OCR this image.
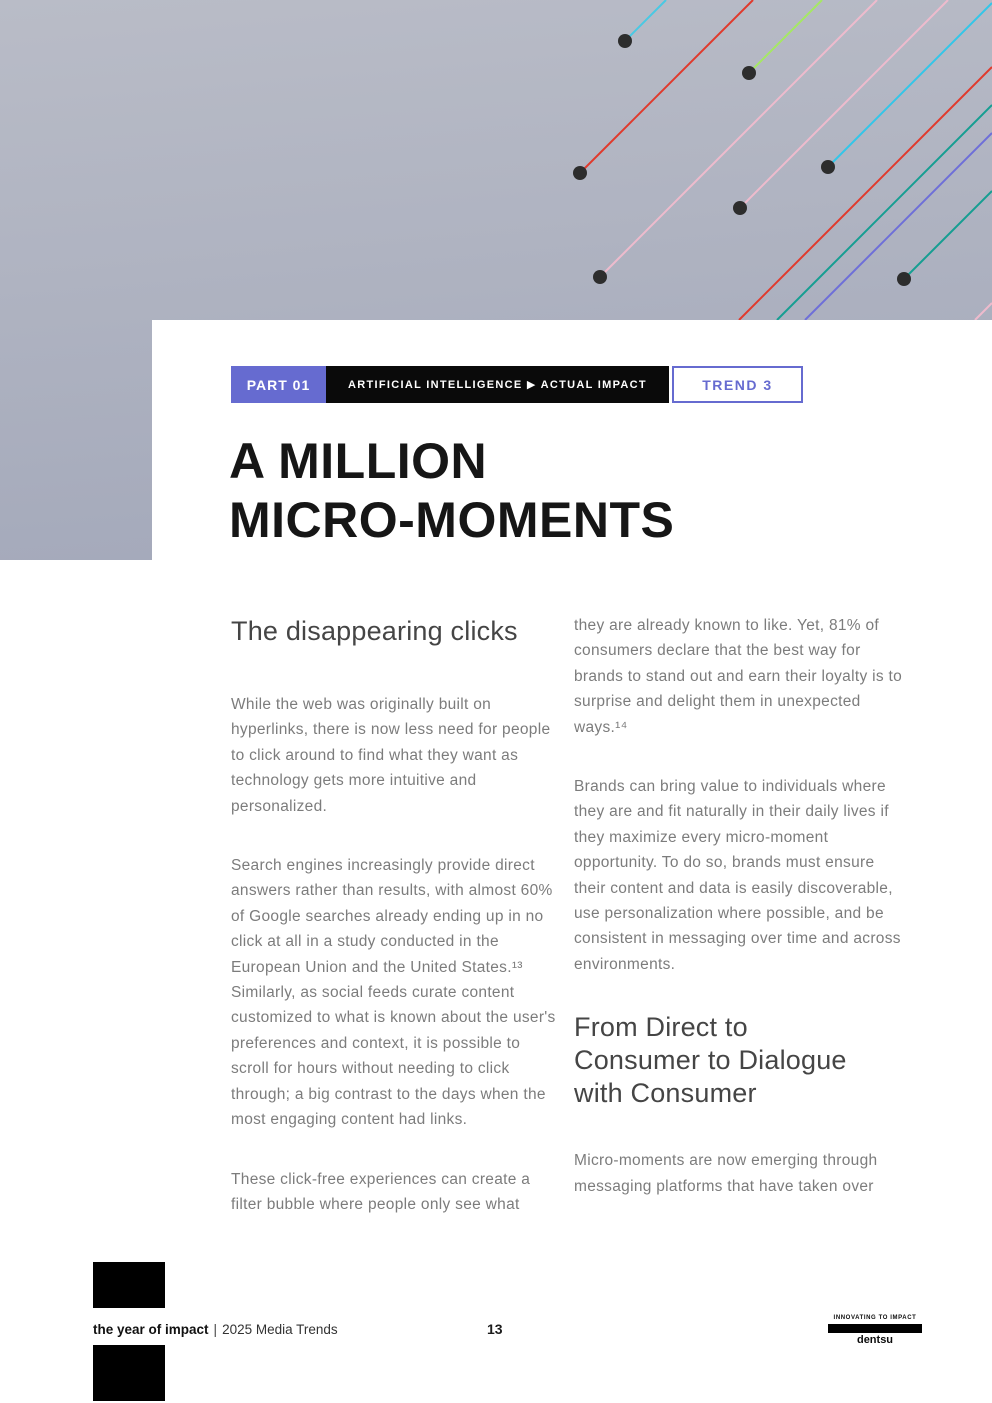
PART 01	ARTIFICIAL INTELLIGENCE ▶ ACTUAL IMPACT	TREND 3
A MILLION
MICRO-MOMENTS
The disappearing clicks

While the web was originally built on hyperlinks, there is now less need for people to click around to find what they want as technology gets more intuitive and personalized.

Search engines increasingly provide direct answers rather than results, with almost 60% of Google searches already ending up in no click at all in a study conducted in the European Union and the United States.¹³ Similarly, as social feeds curate content customized to what is known about the user's preferences and context, it is possible to scroll for hours without needing to click through; a big contrast to the days when the most engaging content had links.

These click-free experiences can create a filter bubble where people only see what

they are already known to like. Yet, 81% of consumers declare that the best way for brands to stand out and earn their loyalty is to surprise and delight them in unexpected ways.¹⁴

Brands can bring value to individuals where they are and fit naturally in their daily lives if they maximize every micro-moment opportunity. To do so, brands must ensure their content and data is easily discoverable, use personalization where possible, and be consistent in messaging over time and across environments.

From Direct to
Consumer to Dialogue
with Consumer

Micro-moments are now emerging through messaging platforms that have taken over

the year of impact | 2025 Media Trends	13
INNOVATING TO IMPACT
dentsu
